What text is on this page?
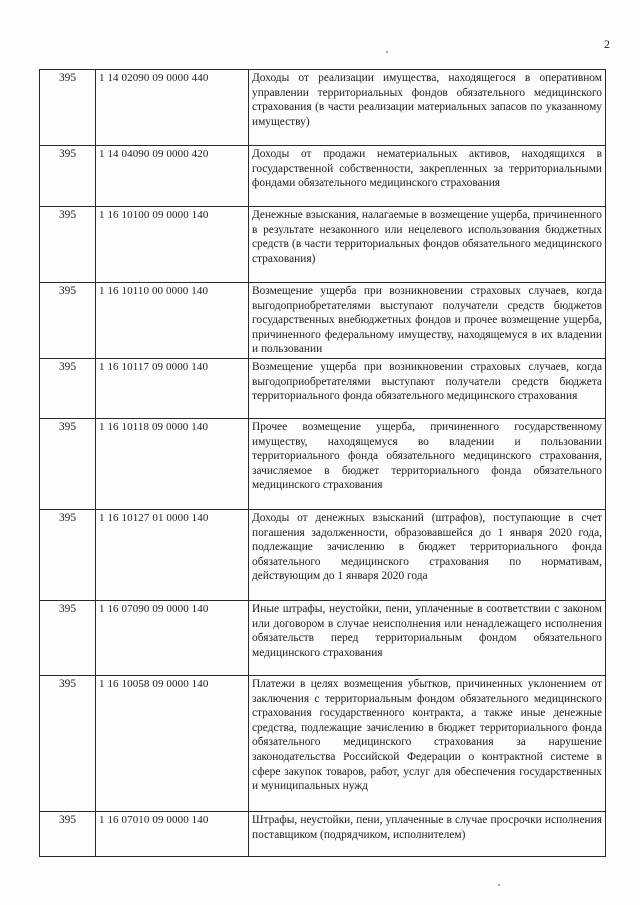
2
395	1 14 02090 09 0000 440	Доходы от реализации имущества, находящегося в оперативном управлении территориальных фондов обязательного медицинского страхования (в части реализации материальных запасов по указанному имуществу)
395	1 14 04090 09 0000 420	Доходы от продажи нематериальных активов, находящихся в государственной собственности, закрепленных за территориальными фондами обязательного медицинского страхования
395	1 16 10100 09 0000 140	Денежные взыскания, налагаемые в возмещение ущерба, причиненного в результате незаконного или нецелевого использования бюджетных средств (в части территориальных фондов обязательного медицинского страхования)
395	1 16 10110 00 0000 140	Возмещение ущерба при возникновении страховых случаев, когда выгодоприобретателями выступают получатели средств бюджетов государственных внебюджетных фондов и прочее возмещение ущерба, причиненного федеральному имуществу, находящемуся в их владении и пользовании
395	1 16 10117 09 0000 140	Возмещение ущерба при возникновении страховых случаев, когда выгодоприобретателями выступают получатели средств бюджета территориального фонда обязательного медицинского страхования
395	1 16 10118 09 0000 140	Прочее возмещение ущерба, причиненного государственному имуществу, находящемуся во владении и пользовании территориального фонда обязательного медицинского страхования, зачисляемое в бюджет территориального фонда обязательного медицинского страхования
395	1 16 10127 01 0000 140	Доходы от денежных взысканий (штрафов), поступающие в счет погашения задолженности, образовавшейся до 1 января 2020 года, подлежащие зачислению в бюджет территориального фонда обязательного медицинского страхования по нормативам, действующим до 1 января 2020 года
395	1 16 07090 09 0000 140	Иные штрафы, неустойки, пени, уплаченные в соответствии с законом или договором в случае неисполнения или ненадлежащего исполнения обязательств перед территориальным фондом обязательного медицинского страхования
395	1 16 10058 09 0000 140	Платежи в целях возмещения убытков, причиненных уклонением от заключения с территориальным фондом обязательного медицинского страхования государственного контракта, а также иные денежные средства, подлежащие зачислению в бюджет территориального фонда обязательного медицинского страхования за нарушение законодательства Российской Федерации о контрактной системе в сфере закупок товаров, работ, услуг для обеспечения государственных и муниципальных нужд
395	1 16 07010 09 0000 140	Штрафы, неустойки, пени, уплаченные в случае просрочки исполнения поставщиком (подрядчиком, исполнителем)
